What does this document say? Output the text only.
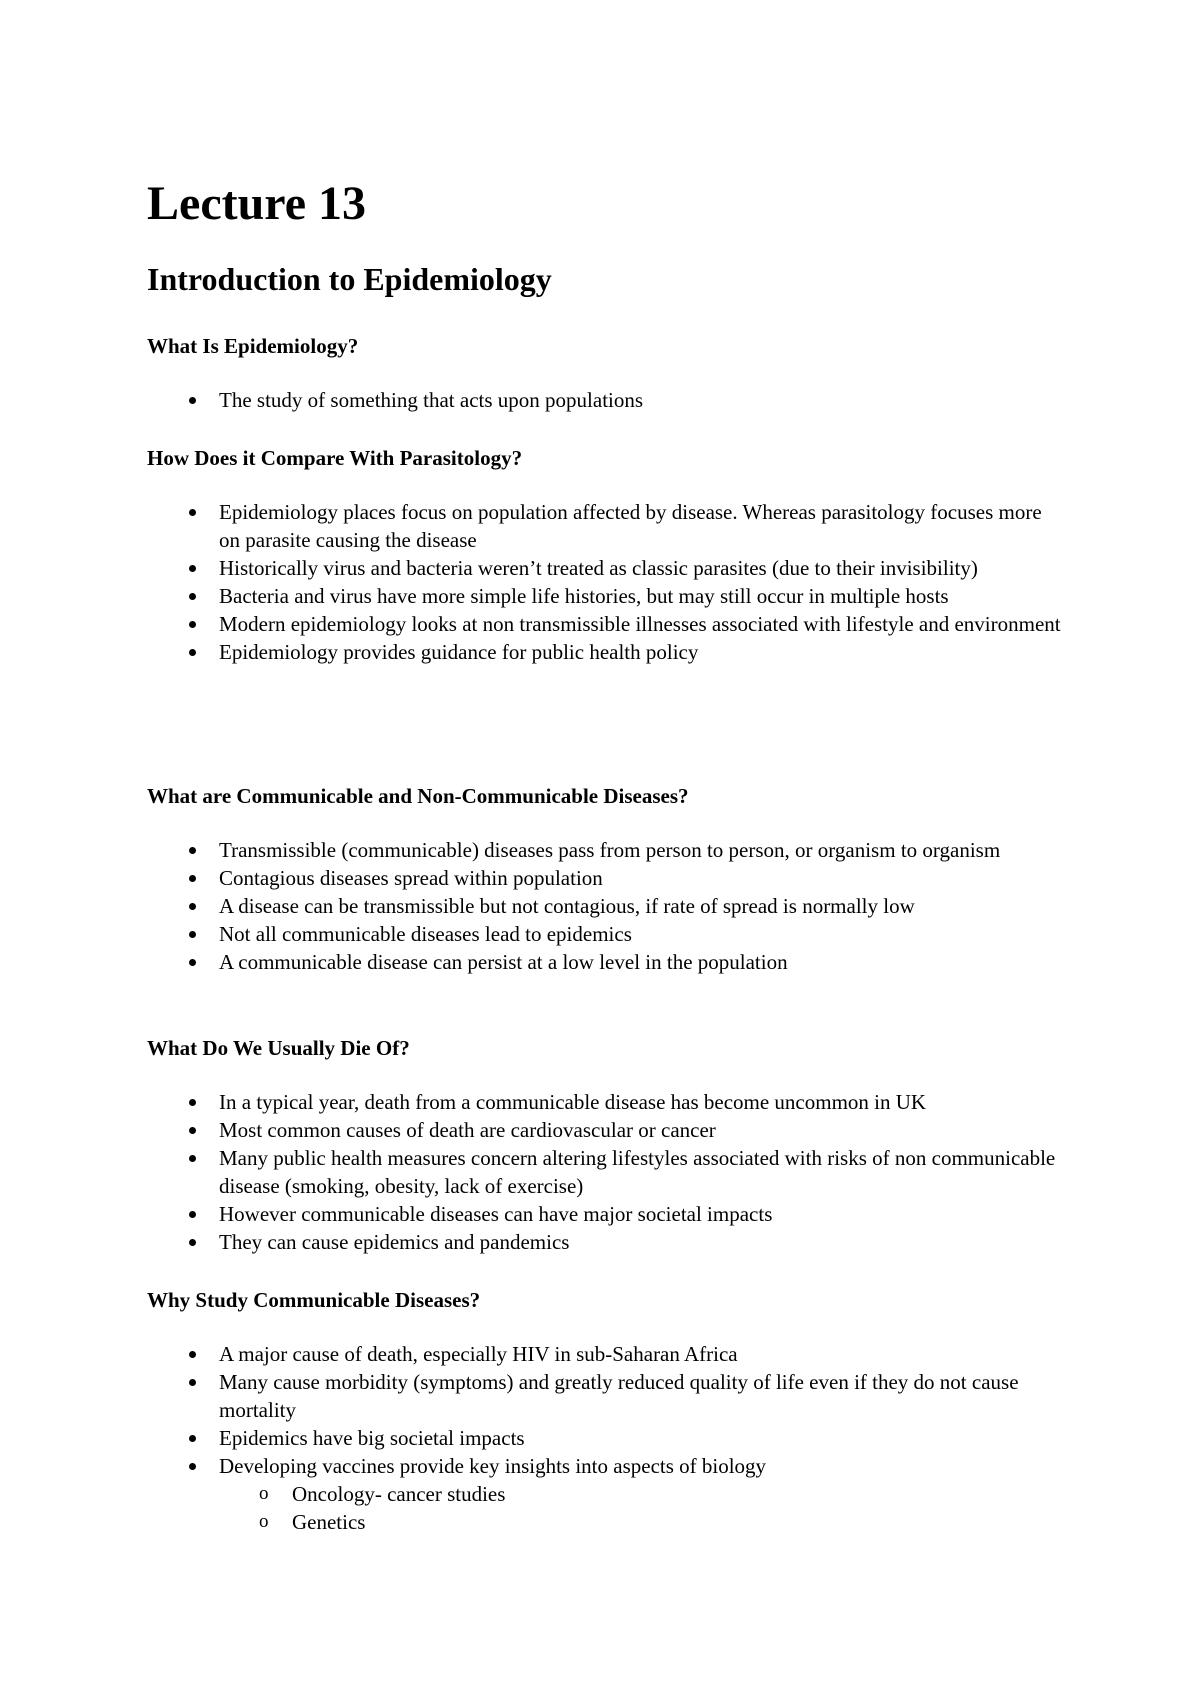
Lecture 13
Introduction to Epidemiology
What Is Epidemiology?
The study of something that acts upon populations
How Does it Compare With Parasitology?
Epidemiology places focus on population affected by disease. Whereas parasitology focuses more on parasite causing the disease
Historically virus and bacteria weren’t treated as classic parasites (due to their invisibility)
Bacteria and virus have more simple life histories, but may still occur in multiple hosts
Modern epidemiology looks at non transmissible illnesses associated with lifestyle and environment
Epidemiology provides guidance for public health policy
What are Communicable and Non-Communicable Diseases?
Transmissible (communicable) diseases pass from person to person, or organism to organism
Contagious diseases spread within population
A disease can be transmissible but not contagious, if rate of spread is normally low
Not all communicable diseases lead to epidemics
A communicable disease can persist at a low level in the population
What Do We Usually Die Of?
In a typical year, death from a communicable disease has become uncommon in UK
Most common causes of death are cardiovascular or cancer
Many public health measures concern altering lifestyles associated with risks of non communicable disease (smoking, obesity, lack of exercise)
However communicable diseases can have major societal impacts
They can cause epidemics and pandemics
Why Study Communicable Diseases?
A major cause of death, especially HIV in sub-Saharan Africa
Many cause morbidity (symptoms) and greatly reduced quality of life even if they do not cause mortality
Epidemics have big societal impacts
Developing vaccines provide key insights into aspects of biology
o Oncology- cancer studies
o Genetics
